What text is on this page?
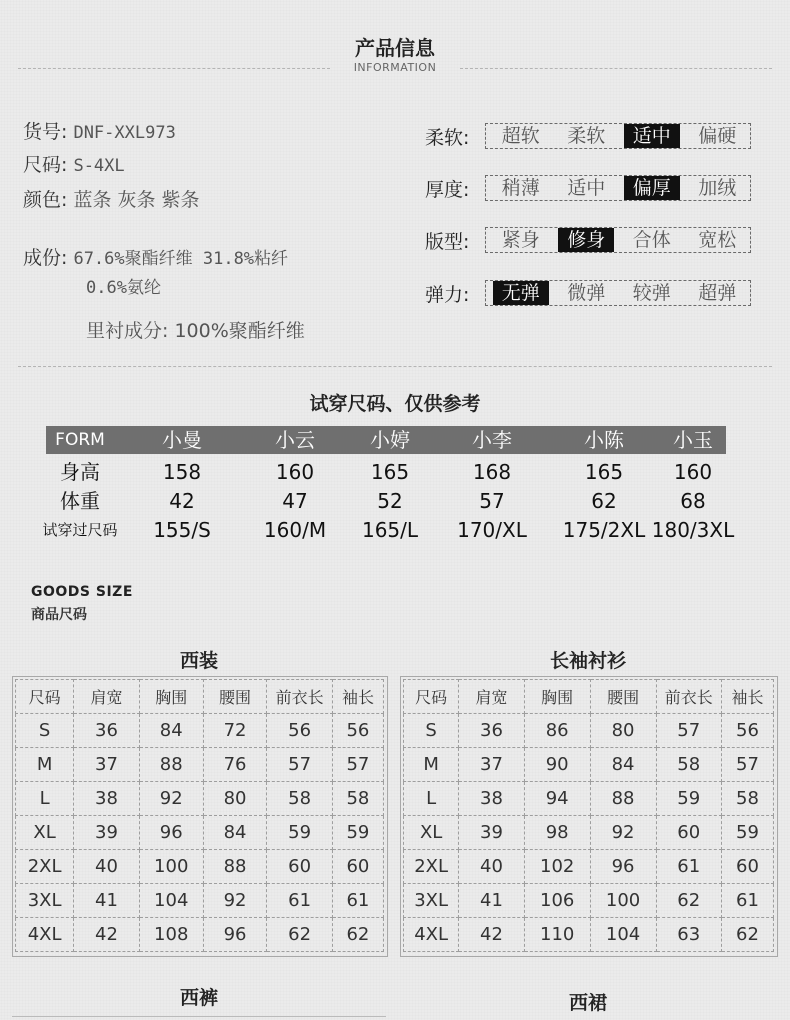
产品信息
INFORMATION
货号: DNF-XXL973
尺码: S-4XL
颜色: 蓝条 灰条 紫条
成份: 67.6%聚酯纤维 31.8%粘纤
0.6%氨纶
里衬成分: 100%聚酯纤维
柔软:	超软	柔软	适中	偏硬
厚度:	稍薄	适中	偏厚	加绒
版型:	紧身	修身	合体	宽松
弹力:	无弹	微弹	较弹	超弹
试穿尺码、仅供参考
FORM	小曼	小云	小婷	小李	小陈	小玉
身高	158	160	165	168	165	160
体重	42	47	52	57	62	68
试穿过尺码	155/S	160/M	165/L	170/XL	175/2XL 180/3XL
GOODS SIZE
商品尺码
西装	长袖衬衫
尺码	肩宽	胸围	腰围	前衣长	袖长
S	36	84	72	56	56
M	37	88	76	57	57
L	38	92	80	58	58
XL	39	96	84	59	59
2XL	40	100	88	60	60
3XL	41	104	92	61	61
4XL	42	108	96	62	62
尺码	肩宽	胸围	腰围	前衣长	袖长
S	36	86	80	57	56
M	37	90	84	58	57
L	38	94	88	59	58
XL	39	98	92	60	59
2XL	40	102	96	61	60
3XL	41	106	100	62	61
4XL	42	110	104	63	62
西裤	西裙
